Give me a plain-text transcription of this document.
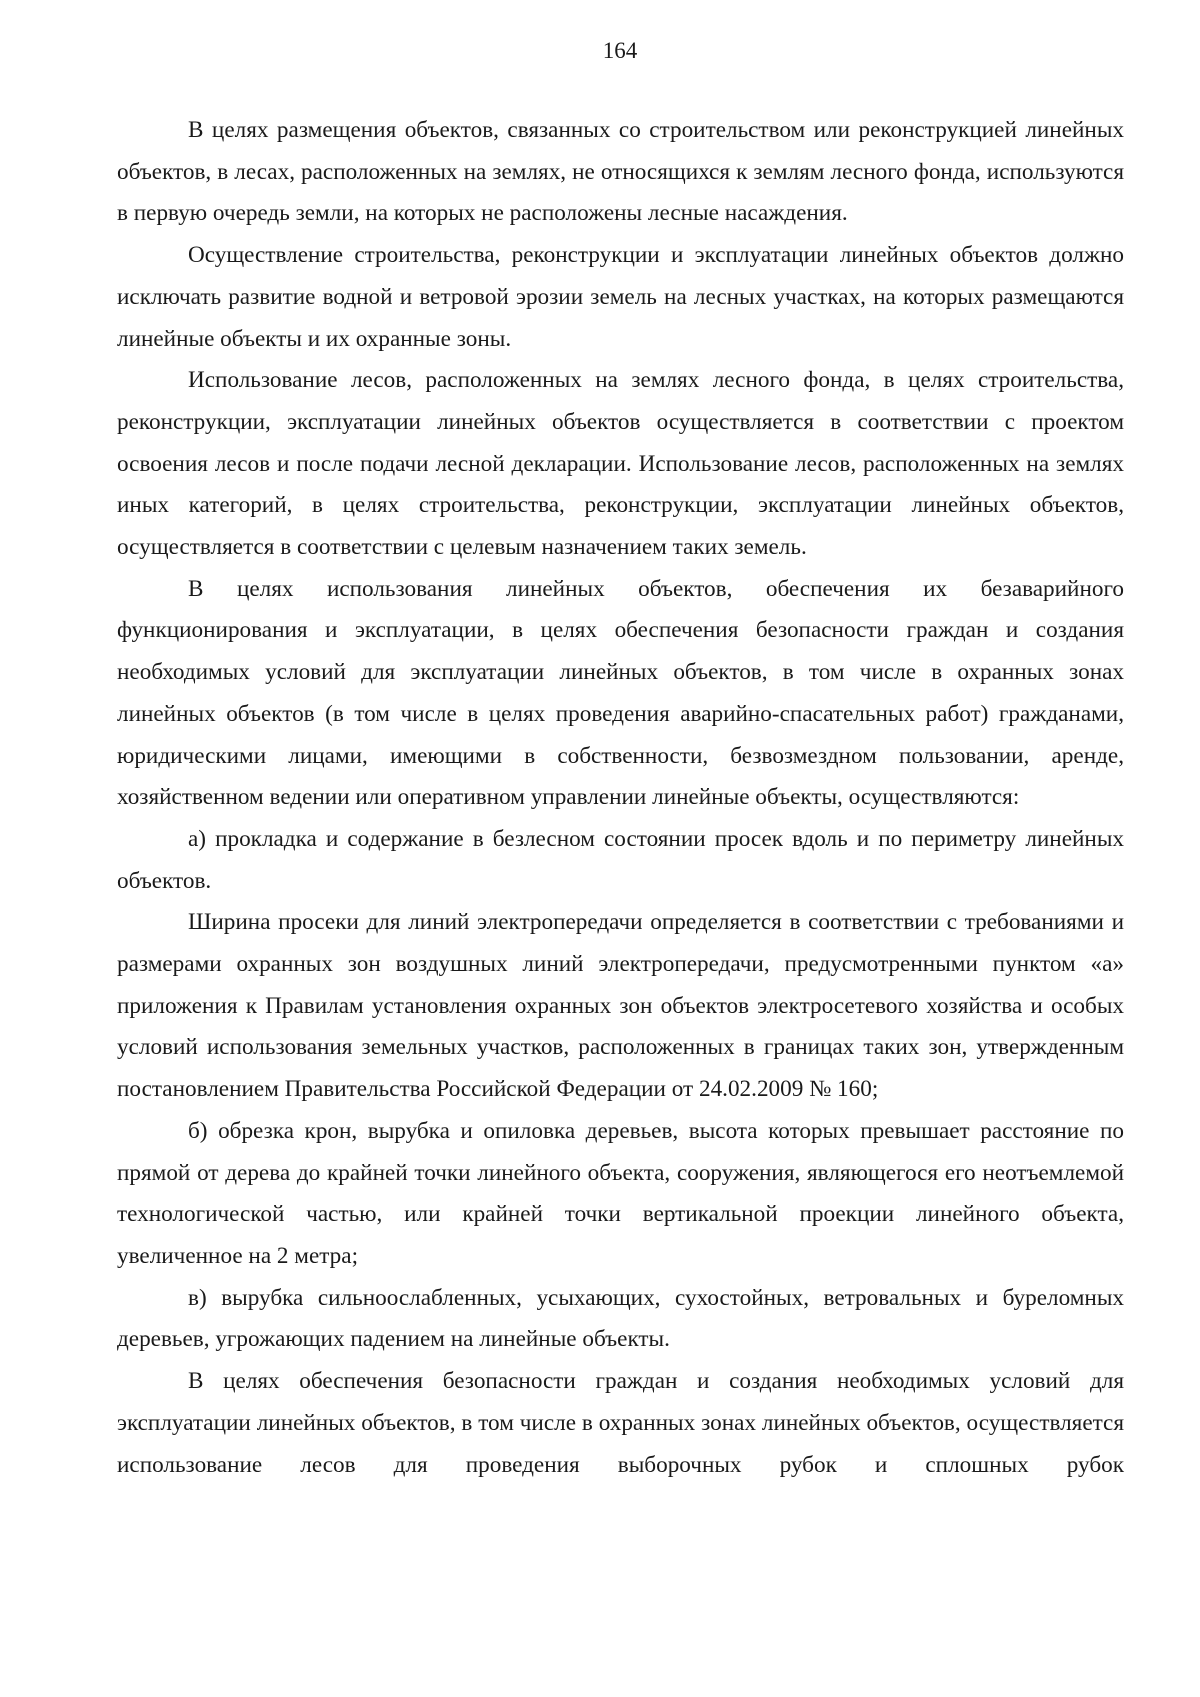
164

В целях размещения объектов, связанных со строительством или реконструкцией линейных объектов, в лесах, расположенных на землях, не относящихся к землям лесного фонда, используются в первую очередь земли, на которых не расположены лесные насаждения.

Осуществление строительства, реконструкции и эксплуатации линейных объектов должно исключать развитие водной и ветровой эрозии земель на лесных участках, на которых размещаются линейные объекты и их охранные зоны.

Использование лесов, расположенных на землях лесного фонда, в целях строительства, реконструкции, эксплуатации линейных объектов осуществляется в соответствии с проектом освоения лесов и после подачи лесной декларации. Использование лесов, расположенных на землях иных категорий, в целях строительства, реконструкции, эксплуатации линейных объектов, осуществляется в соответствии с целевым назначением таких земель.

В целях использования линейных объектов, обеспечения их безаварийного функционирования и эксплуатации, в целях обеспечения безопасности граждан и создания необходимых условий для эксплуатации линейных объектов, в том числе в охранных зонах линейных объектов (в том числе в целях проведения аварийно-спасательных работ) гражданами, юридическими лицами, имеющими в собственности, безвозмездном пользовании, аренде, хозяйственном ведении или оперативном управлении линейные объекты, осуществляются:

а) прокладка и содержание в безлесном состоянии просек вдоль и по периметру линейных объектов.

Ширина просеки для линий электропередачи определяется в соответствии с требованиями и размерами охранных зон воздушных линий электропередачи, предусмотренными пунктом «а» приложения к Правилам установления охранных зон объектов электросетевого хозяйства и особых условий использования земельных участков, расположенных в границах таких зон, утвержденным постановлением Правительства Российской Федерации от 24.02.2009 № 160;

б) обрезка крон, вырубка и опиловка деревьев, высота которых превышает расстояние по прямой от дерева до крайней точки линейного объекта, сооружения, являющегося его неотъемлемой технологической частью, или крайней точки вертикальной проекции линейного объекта, увеличенное на 2 метра;

в) вырубка сильноослабленных, усыхающих, сухостойных, ветровальных и буреломных деревьев, угрожающих падением на линейные объекты.

В целях обеспечения безопасности граждан и создания необходимых условий для эксплуатации линейных объектов, в том числе в охранных зонах линейных объектов, осуществляется использование лесов для проведения выборочных рубок и сплошных рубок
